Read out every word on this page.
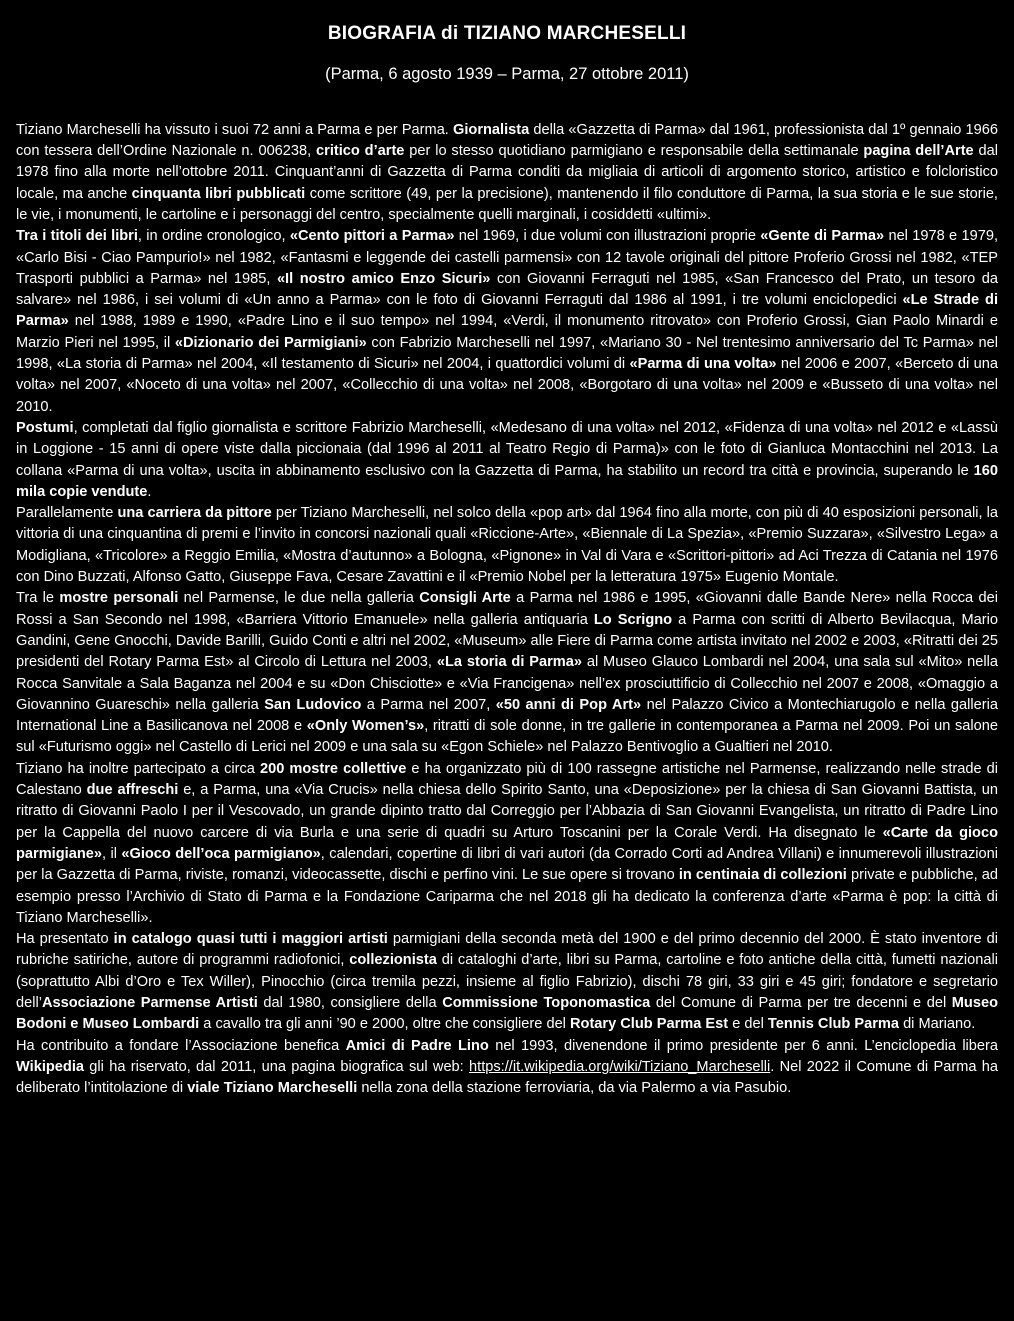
BIOGRAFIA di TIZIANO MARCHESELLI

(Parma, 6 agosto 1939 – Parma, 27 ottobre 2011)

Tiziano Marcheselli ha vissuto i suoi 72 anni a Parma e per Parma. Giornalista della «Gazzetta di Parma» dal 1961, professionista dal 1º gennaio 1966 con tessera dell’Ordine Nazionale n. 006238, critico d’arte per lo stesso quotidiano parmigiano e responsabile della settimanale pagina dell’Arte dal 1978 fino alla morte nell’ottobre 2011. Cinquant’anni di Gazzetta di Parma conditi da migliaia di articoli di argomento storico, artistico e folcloristico locale, ma anche cinquanta libri pubblicati come scrittore (49, per la precisione), mantenendo il filo conduttore di Parma, la sua storia e le sue storie, le vie, i monumenti, le cartoline e i personaggi del centro, specialmente quelli marginali, i cosiddetti «ultimi».

Tra i titoli dei libri, in ordine cronologico, «Cento pittori a Parma» nel 1969, i due volumi con illustrazioni proprie «Gente di Parma» nel 1978 e 1979, «Carlo Bisi - Ciao Pampurio!» nel 1982, «Fantasmi e leggende dei castelli parmensi» con 12 tavole originali del pittore Proferio Grossi nel 1982, «TEP Trasporti pubblici a Parma» nel 1985, «Il nostro amico Enzo Sicuri» con Giovanni Ferraguti nel 1985, «San Francesco del Prato, un tesoro da salvare» nel 1986, i sei volumi di «Un anno a Parma» con le foto di Giovanni Ferraguti dal 1986 al 1991, i tre volumi enciclopedici «Le Strade di Parma» nel 1988, 1989 e 1990, «Padre Lino e il suo tempo» nel 1994, «Verdi, il monumento ritrovato» con Proferio Grossi, Gian Paolo Minardi e Marzio Pieri nel 1995, il «Dizionario dei Parmigiani» con Fabrizio Marcheselli nel 1997, «Mariano 30 - Nel trentesimo anniversario del Tc Parma» nel 1998, «La storia di Parma» nel 2004, «Il testamento di Sicuri» nel 2004, i quattordici volumi di «Parma di una volta» nel 2006 e 2007, «Berceto di una volta» nel 2007, «Noceto di una volta» nel 2007, «Collecchio di una volta» nel 2008, «Borgotaro di una volta» nel 2009 e «Busseto di una volta» nel 2010.

Postumi, completati dal figlio giornalista e scrittore Fabrizio Marcheselli, «Medesano di una volta» nel 2012, «Fidenza di una volta» nel 2012 e «Lassù in Loggione - 15 anni di opere viste dalla piccionaia (dal 1996 al 2011 al Teatro Regio di Parma)» con le foto di Gianluca Montacchini nel 2013. La collana «Parma di una volta», uscita in abbinamento esclusivo con la Gazzetta di Parma, ha stabilito un record tra città e provincia, superando le 160 mila copie vendute.

Parallelamente una carriera da pittore per Tiziano Marcheselli, nel solco della «pop art» dal 1964 fino alla morte, con più di 40 esposizioni personali, la vittoria di una cinquantina di premi e l’invito in concorsi nazionali quali «Riccione-Arte», «Biennale di La Spezia», «Premio Suzzara», «Silvestro Lega» a Modigliana, «Tricolore» a Reggio Emilia, «Mostra d’autunno» a Bologna, «Pignone» in Val di Vara e «Scrittori-pittori» ad Aci Trezza di Catania nel 1976 con Dino Buzzati, Alfonso Gatto, Giuseppe Fava, Cesare Zavattini e il «Premio Nobel per la letteratura 1975» Eugenio Montale.

Tra le mostre personali nel Parmense, le due nella galleria Consigli Arte a Parma nel 1986 e 1995, «Giovanni dalle Bande Nere» nella Rocca dei Rossi a San Secondo nel 1998, «Barriera Vittorio Emanuele» nella galleria antiquaria Lo Scrigno a Parma con scritti di Alberto Bevilacqua, Mario Gandini, Gene Gnocchi, Davide Barilli, Guido Conti e altri nel 2002, «Museum» alle Fiere di Parma come artista invitato nel 2002 e 2003, «Ritratti dei 25 presidenti del Rotary Parma Est» al Circolo di Lettura nel 2003, «La storia di Parma» al Museo Glauco Lombardi nel 2004, una sala sul «Mito» nella Rocca Sanvitale a Sala Baganza nel 2004 e su «Don Chisciotte» e «Via Francigena» nell’ex prosciuttificio di Collecchio nel 2007 e 2008, «Omaggio a Giovannino Guareschi» nella galleria San Ludovico a Parma nel 2007, «50 anni di Pop Art» nel Palazzo Civico a Montechiarugolo e nella galleria International Line a Basilicanova nel 2008 e «Only Women’s», ritratti di sole donne, in tre gallerie in contemporanea a Parma nel 2009. Poi un salone sul «Futurismo oggi» nel Castello di Lerici nel 2009 e una sala su «Egon Schiele» nel Palazzo Bentivoglio a Gualtieri nel 2010.

Tiziano ha inoltre partecipato a circa 200 mostre collettive e ha organizzato più di 100 rassegne artistiche nel Parmense, realizzando nelle strade di Calestano due affreschi e, a Parma, una «Via Crucis» nella chiesa dello Spirito Santo, una «Deposizione» per la chiesa di San Giovanni Battista, un ritratto di Giovanni Paolo I per il Vescovado, un grande dipinto tratto dal Correggio per l’Abbazia di San Giovanni Evangelista, un ritratto di Padre Lino per la Cappella del nuovo carcere di via Burla e una serie di quadri su Arturo Toscanini per la Corale Verdi. Ha disegnato le «Carte da gioco parmigiane», il «Gioco dell’oca parmigiano», calendari, copertine di libri di vari autori (da Corrado Corti ad Andrea Villani) e innumerevoli illustrazioni per la Gazzetta di Parma, riviste, romanzi, videocassette, dischi e perfino vini. Le sue opere si trovano in centinaia di collezioni private e pubbliche, ad esempio presso l’Archivio di Stato di Parma e la Fondazione Cariparma che nel 2018 gli ha dedicato la conferenza d’arte «Parma è pop: la città di Tiziano Marcheselli».

Ha presentato in catalogo quasi tutti i maggiori artisti parmigiani della seconda metà del 1900 e del primo decennio del 2000. È stato inventore di rubriche satiriche, autore di programmi radiofonici, collezionista di cataloghi d’arte, libri su Parma, cartoline e foto antiche della città, fumetti nazionali (soprattutto Albi d’Oro e Tex Willer), Pinocchio (circa tremila pezzi, insieme al figlio Fabrizio), dischi 78 giri, 33 giri e 45 giri; fondatore e segretario dell’Associazione Parmense Artisti dal 1980, consigliere della Commissione Toponomastica del Comune di Parma per tre decenni e del Museo Bodoni e Museo Lombardi a cavallo tra gli anni ’90 e 2000, oltre che consigliere del Rotary Club Parma Est e del Tennis Club Parma di Mariano.

Ha contribuito a fondare l’Associazione benefica Amici di Padre Lino nel 1993, divenendone il primo presidente per 6 anni. L’enciclopedia libera Wikipedia gli ha riservato, dal 2011, una pagina biografica sul web: https://it.wikipedia.org/wiki/Tiziano_Marcheselli. Nel 2022 il Comune di Parma ha deliberato l’intitolazione di viale Tiziano Marcheselli nella zona della stazione ferroviaria, da via Palermo a via Pasubio.
